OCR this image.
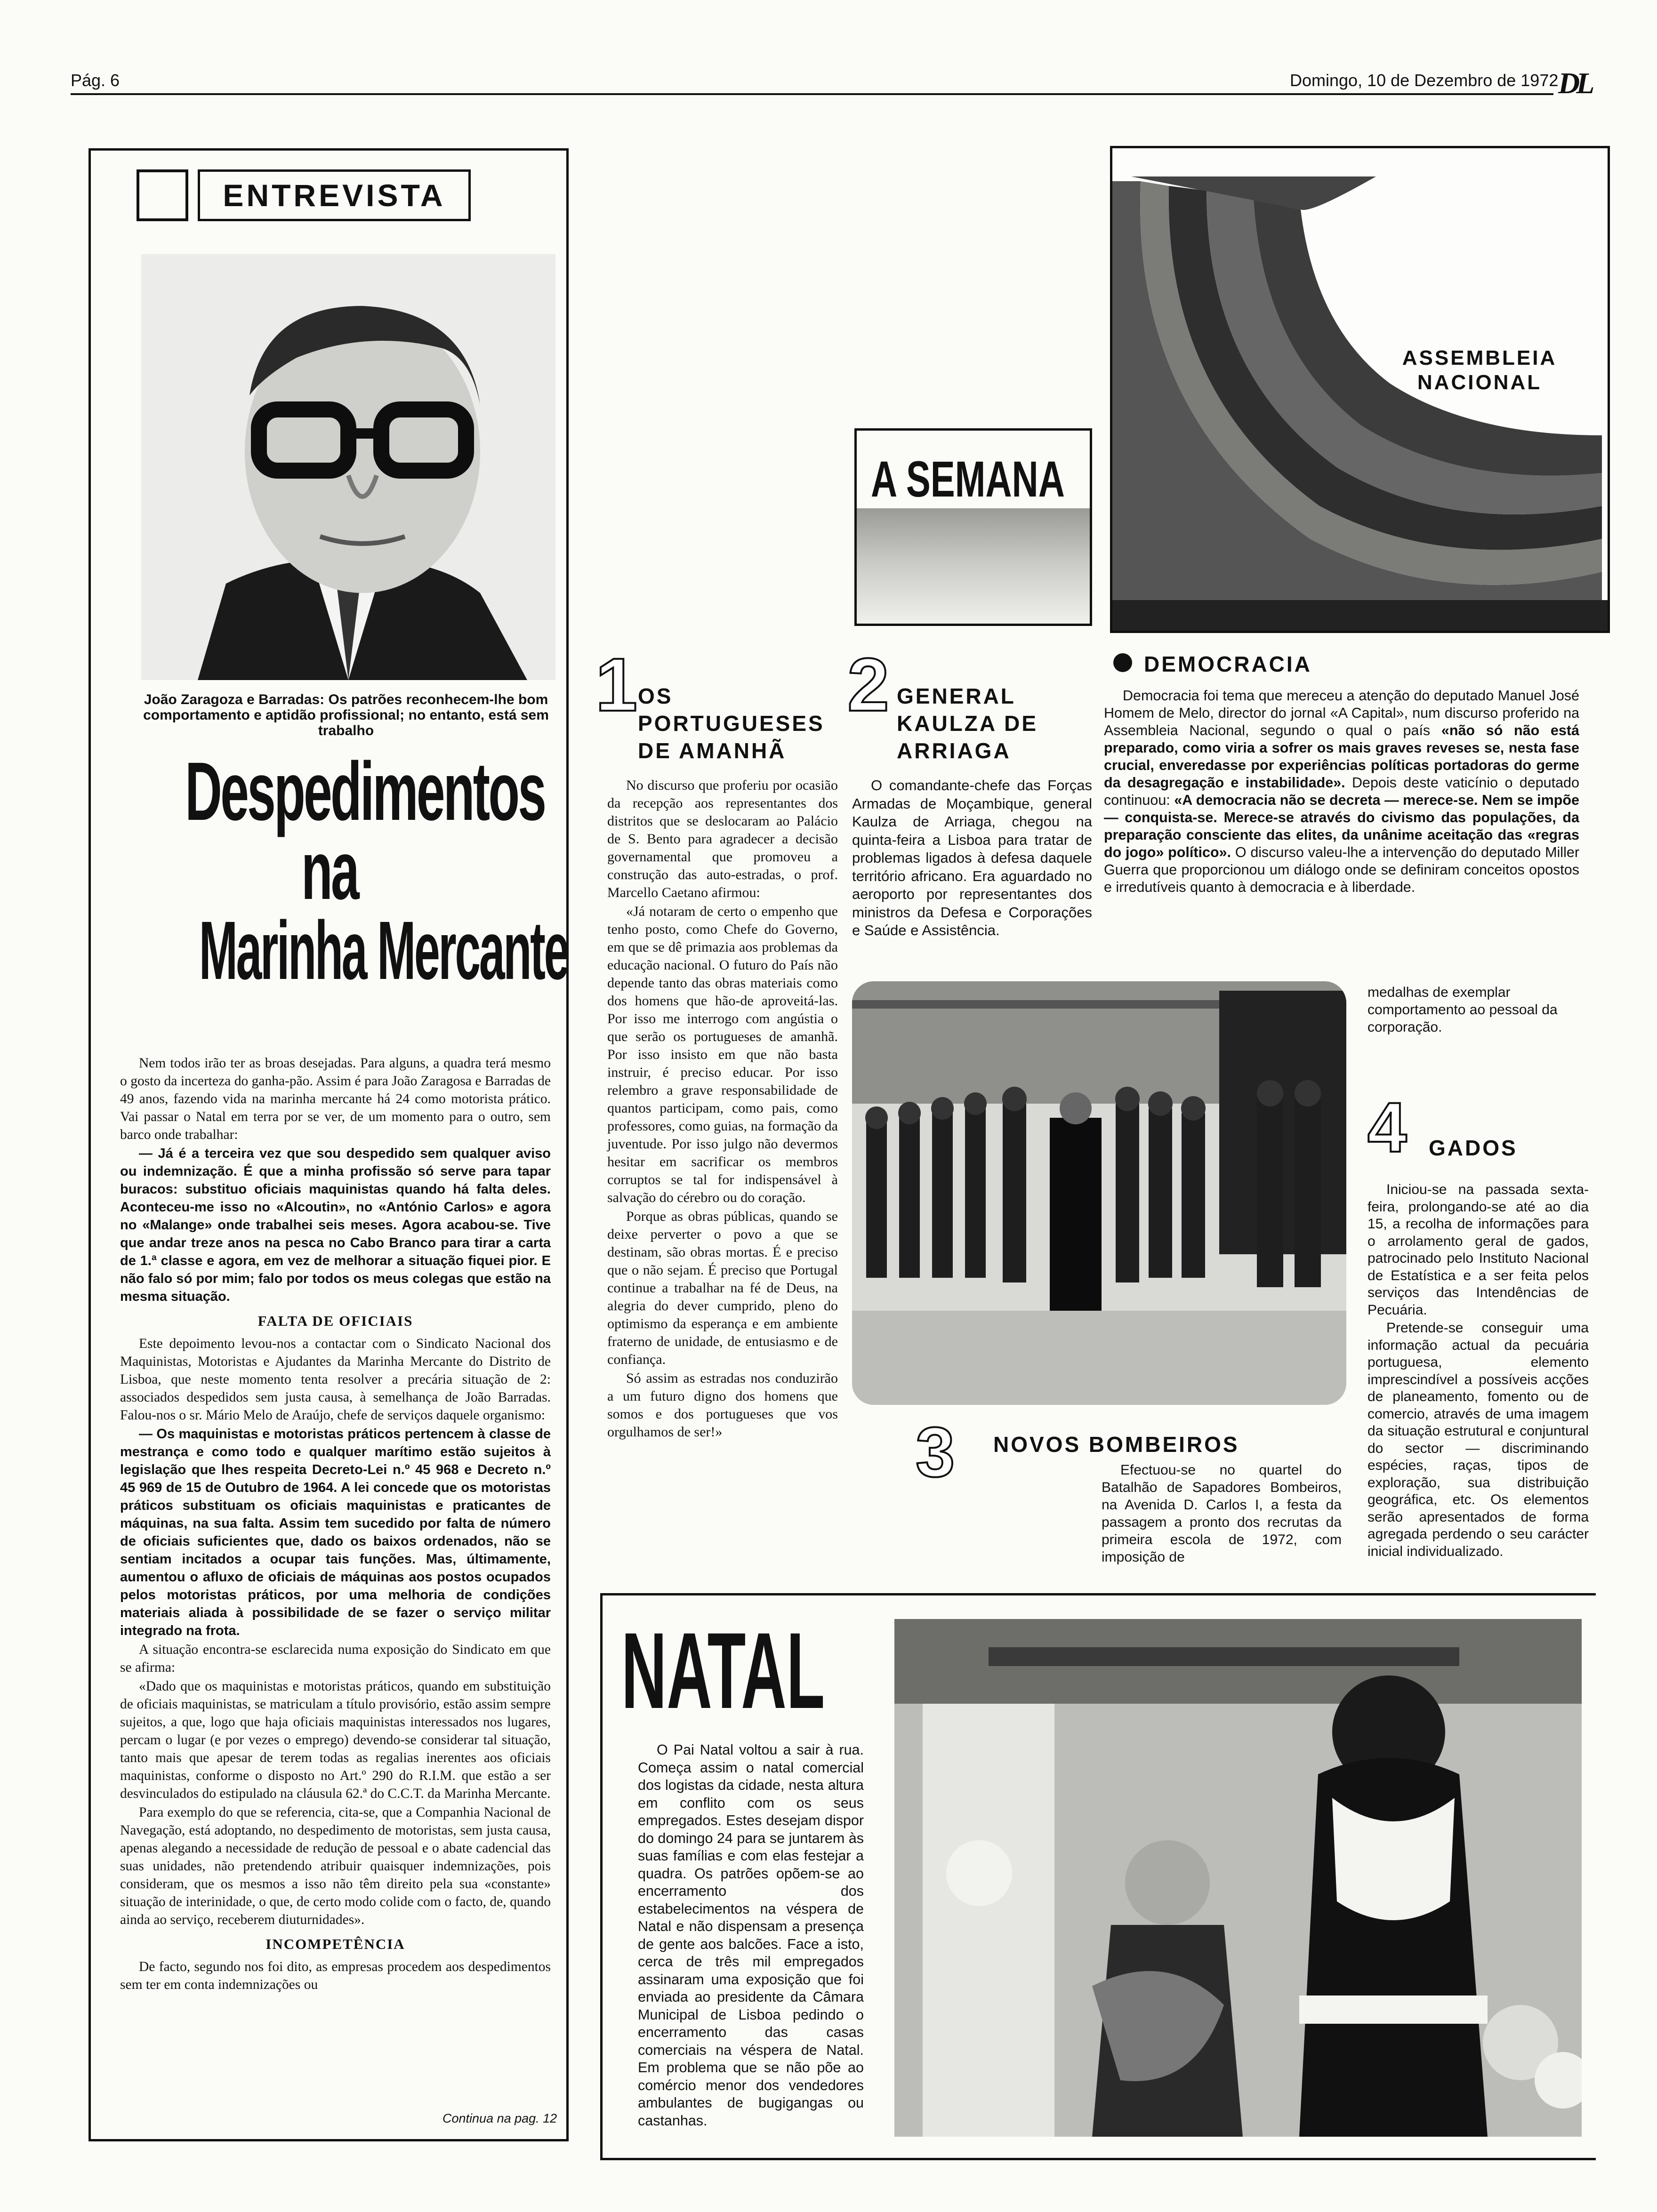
Pág. 6	Domingo, 10 de Dezembro de 1972 DL
ENTREVISTA
João Zaragoza e Barradas: Os patrões reconhecem-lhe bom comportamento e aptidão profissional; no entanto, está sem trabalho
Despedimentos
na
Marinha Mercante

Nem todos irão ter as broas desejadas. Para alguns, a quadra terá mesmo o gosto da incerteza do ganha-pão. Assim é para João Zaragosa e Barradas de 49 anos, fazendo vida na marinha mercante há 24 como motorista prático. Vai passar o Natal em terra por se ver, de um momento para o outro, sem barco onde trabalhar:

— Já é a terceira vez que sou despedido sem qualquer aviso ou indemnização. É que a minha profissão só serve para tapar buracos: substituo oficiais maquinistas quando há falta deles. Aconteceu-me isso no «Alcoutin», no «António Carlos» e agora no «Malange» onde trabalhei seis meses. Agora acabou-se. Tive que andar treze anos na pesca no Cabo Branco para tirar a carta de 1.ª classe e agora, em vez de melhorar a situação fiquei pior. E não falo só por mim; falo por todos os meus colegas que estão na mesma situação.

FALTA DE OFICIAIS

Este depoimento levou-nos a contactar com o Sindicato Nacional dos Maquinistas, Motoristas e Ajudantes da Marinha Mercante do Distrito de Lisboa, que neste momento tenta resolver a precária situação de 2: associados despedidos sem justa causa, à semelhança de João Barradas. Falou-nos o sr. Mário Melo de Araújo, chefe de serviços daquele organismo:

— Os maquinistas e motoristas práticos pertencem à classe de mestrança e como todo e qualquer marítimo estão sujeitos à legislação que lhes respeita Decreto-Lei n.º 45 968 e Decreto n.º 45 969 de 15 de Outubro de 1964. A lei concede que os motoristas práticos substituam os oficiais maquinistas e praticantes de máquinas, na sua falta. Assim tem sucedido por falta de número de oficiais suficientes que, dado os baixos ordenados, não se sentiam incitados a ocupar tais funções. Mas, últimamente, aumentou o afluxo de oficiais de máquinas aos postos ocupados pelos motoristas práticos, por uma melhoria de condições materiais aliada à possibilidade de se fazer o serviço militar integrado na frota.

A situação encontra-se esclarecida numa exposição do Sindicato em que se afirma:

«Dado que os maquinistas e motoristas práticos, quando em substituição de oficiais maquinistas, se matriculam a título provisório, estão assim sempre sujeitos, a que, logo que haja oficiais maquinistas interessados nos lugares, percam o lugar (e por vezes o emprego) devendo-se considerar tal situação, tanto mais que apesar de terem todas as regalias inerentes aos oficiais maquinistas, conforme o disposto no Art.º 290 do R.I.M. que estão a ser desvinculados do estipulado na cláusula 62.ª do C.C.T. da Marinha Mercante.

Para exemplo do que se referencia, cita-se, que a Companhia Nacional de Navegação, está adoptando, no despedimento de motoristas, sem justa causa, apenas alegando a necessidade de redução de pessoal e o abate cadencial das suas unidades, não pretendendo atribuir quaisquer indemnizações, pois consideram, que os mesmos a isso não têm direito pela sua «constante» situação de interinidade, o que, de certo modo colide com o facto, de, quando ainda ao serviço, receberem diuturnidades».

INCOMPETÊNCIA

De facto, segundo nos foi dito, as empresas procedem aos despedimentos sem ter em conta indemnizações ou

Continua na pag. 12
A SEMANA
ASSEMBLEIA NACIONAL
1 OS PORTUGUESES DE AMANHÃ

No discurso que proferiu por ocasião da recepção aos representantes dos distritos que se deslocaram ao Palácio de S. Bento para agradecer a decisão governamental que promoveu a construção das auto-estradas, o prof. Marcello Caetano afirmou:

«Já notaram de certo o empenho que tenho posto, como Chefe do Governo, em que se dê primazia aos problemas da educação nacional. O futuro do País não depende tanto das obras materiais como dos homens que hão-de aproveitá-las. Por isso me interrogo com angústia o que serão os portugueses de amanhã. Por isso insisto em que não basta instruir, é preciso educar. Por isso relembro a grave responsabilidade de quantos participam, como pais, como professores, como guias, na formação da juventude. Por isso julgo não devermos hesitar em sacrificar os membros corruptos se tal for indispensável à salvação do cérebro ou do coração.

Porque as obras públicas, quando se deixe perverter o povo a que se destinam, são obras mortas. É e preciso que o não sejam. É preciso que Portugal continue a trabalhar na fé de Deus, na alegria do dever cumprido, pleno do optimismo da esperança e em ambiente fraterno de unidade, de entusiasmo e de confiança.

Só assim as estradas nos conduzirão a um futuro digno dos homens que somos e dos portugueses que vos orgulhamos de ser!»

2 GENERAL KAULZA DE ARRIAGA

O comandante-chefe das Forças Armadas de Moçambique, general Kaulza de Arriaga, chegou na quinta-feira a Lisboa para tratar de problemas ligados à defesa daquele território africano. Era aguardado no aeroporto por representantes dos ministros da Defesa e Corporações e Saúde e Assistência.

DEMOCRACIA

Democracia foi tema que mereceu a atenção do deputado Manuel José Homem de Melo, director do jornal «A Capital», num discurso proferido na Assembleia Nacional, segundo o qual o país «não só não está preparado, como viria a sofrer os mais graves reveses se, nesta fase crucial, enveredasse por experiências políticas portadoras do germe da desagregação e instabilidade». Depois deste vaticínio o deputado continuou: «A democracia não se decreta — merece-se. Nem se impõe — conquista-se. Merece-se através do civismo das populações, da preparação consciente das elites, da unânime aceitação das «regras do jogo» político». O discurso valeu-lhe a intervenção do deputado Miller Guerra que proporcionou um diálogo onde se definiram conceitos opostos e irredutíveis quanto à democracia e à liberdade.

3 NOVOS BOMBEIROS

Efectuou-se no quartel do Batalhão de Sapadores Bombeiros, na Avenida D. Carlos I, a festa da passagem a pronto dos recrutas da primeira escola de 1972, com imposição de

medalhas de exemplar comportamento ao pessoal da corporação.

4 GADOS

Iniciou-se na passada sexta-feira, prolongando-se até ao dia 15, a recolha de informações para o arrolamento geral de gados, patrocinado pelo Instituto Nacional de Estatística e a ser feita pelos serviços das Intendências de Pecuária.

Pretende-se conseguir uma informação actual da pecuária portuguesa, elemento imprescindível a possíveis acções de planeamento, fomento ou de comercio, através de uma imagem da situação estrutural e conjuntural do sector — discriminando espécies, raças, tipos de exploração, sua distribuição geográfica, etc. Os elementos serão apresentados de forma agregada perdendo o seu carácter inicial individualizado.

NATAL

O Pai Natal voltou a sair à rua. Começa assim o natal comercial dos logistas da cidade, nesta altura em conflito com os seus empregados. Estes desejam dispor do domingo 24 para se juntarem às suas famílias e com elas festejar a quadra. Os patrões opõem-se ao encerramento dos estabelecimentos na véspera de Natal e não dispensam a presença de gente aos balcões. Face a isto, cerca de três mil empregados assinaram uma exposição que foi enviada ao presidente da Câmara Municipal de Lisboa pedindo o encerramento das casas comerciais na véspera de Natal. Em problema que se não põe ao comércio menor dos vendedores ambulantes de bugigangas ou castanhas.
